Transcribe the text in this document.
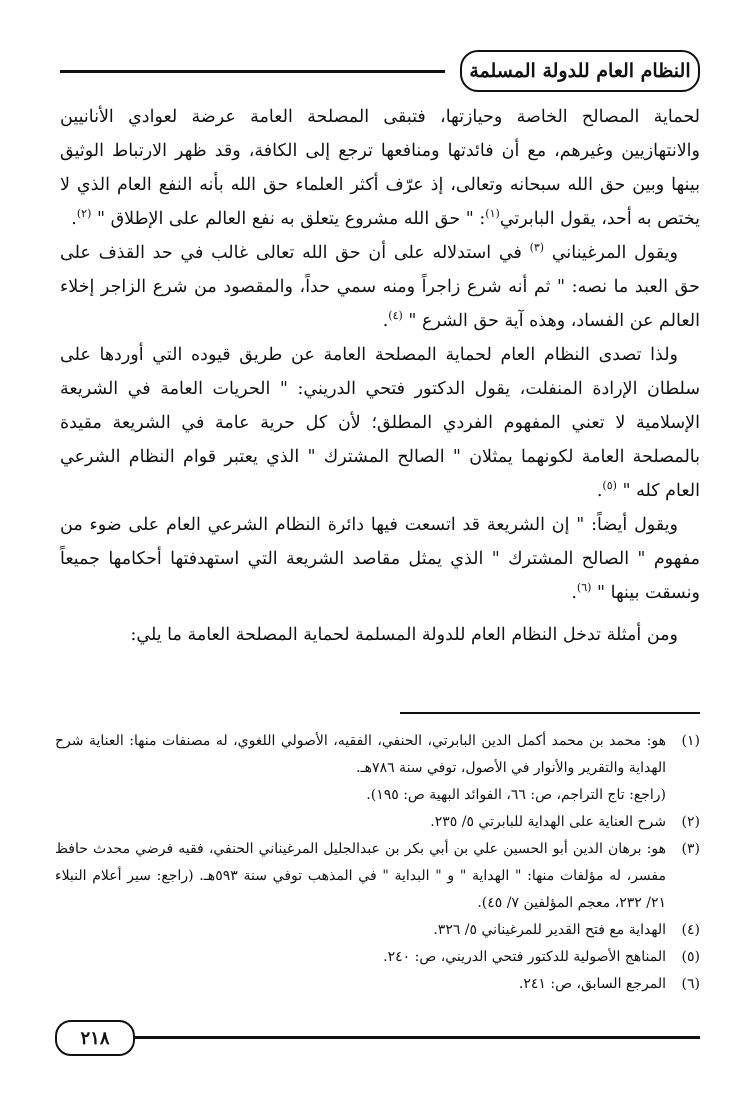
النظام العام للدولة المسلمة

لحماية المصالح الخاصة وحيازتها، فتبقى المصلحة العامة عرضة لعوادي الأنانيين والانتهازيين وغيرهم، مع أن فائدتها ومنافعها ترجع إلى الكافة، وقد ظهر الارتباط الوثيق بينها وبين حق الله سبحانه وتعالى، إذ عرّف أكثر العلماء حق الله بأنه النفع العام الذي لا يختص به أحد، يقول البابرتي$^{(١)}$: " حق الله مشروع يتعلق به نفع العالم على الإطلاق " $^{(٢)}$.

ويقول المرغيناني $^{(٣)}$ في استدلاله على أن حق الله تعالى غالب في حد القذف على حق العبد ما نصه: " ثم أنه شرع زاجراً ومنه سمي حداً، والمقصود من شرع الزاجر إخلاء العالم عن الفساد، وهذه آية حق الشرع " $^{(٤)}$.

ولذا تصدى النظام العام لحماية المصلحة العامة عن طريق قيوده التي أوردها على سلطان الإرادة المنفلت، يقول الدكتور فتحي الدريني: " الحريات العامة في الشريعة الإسلامية لا تعني المفهوم الفردي المطلق؛ لأن كل حرية عامة في الشريعة مقيدة بالمصلحة العامة لكونهما يمثلان " الصالح المشترك " الذي يعتبر قوام النظام الشرعي العام كله " $^{(٥)}$.

ويقول أيضاً: " إن الشريعة قد اتسعت فيها دائرة النظام الشرعي العام على ضوء من مفهوم " الصالح المشترك " الذي يمثل مقاصد الشريعة التي استهدفتها أحكامها جميعاً ونسقت بينها " $^{(٦)}$.

ومن أمثلة تدخل النظام العام للدولة المسلمة لحماية المصلحة العامة ما يلي:

(١)
هو: محمد بن محمد أكمل الدين البابرتي، الحنفي، الفقيه، الأصولي اللغوي، له مصنفات منها: العناية شرح الهداية والتقرير والأنوار في الأصول، توفي سنة ٧٨٦هـ.
(راجع: تاج التراجم، ص: ٦٦، الفوائد البهية ص: ١٩٥).
(٢)
شرح العناية على الهداية للبابرتي ٥/ ٢٣٥.
(٣)
هو: برهان الدين أبو الحسين علي بن أبي بكر بن عبدالجليل المرغيناني الحنفي، فقيه فرضي محدث حافظ مفسر، له مؤلفات منها: " الهداية " و " البداية " في المذهب توفي سنة ٥٩٣هـ. (راجع: سير أعلام النبلاء ٢١/ ٢٣٢، معجم المؤلفين ٧/ ٤٥).
(٤)
الهداية مع فتح القدير للمرغيناني ٥/ ٣٢٦.
(٥)
المناهج الأصولية للدكتور فتحي الدريني، ص: ٢٤٠.
(٦)
المرجع السابق، ص: ٢٤١.
٢١٨
